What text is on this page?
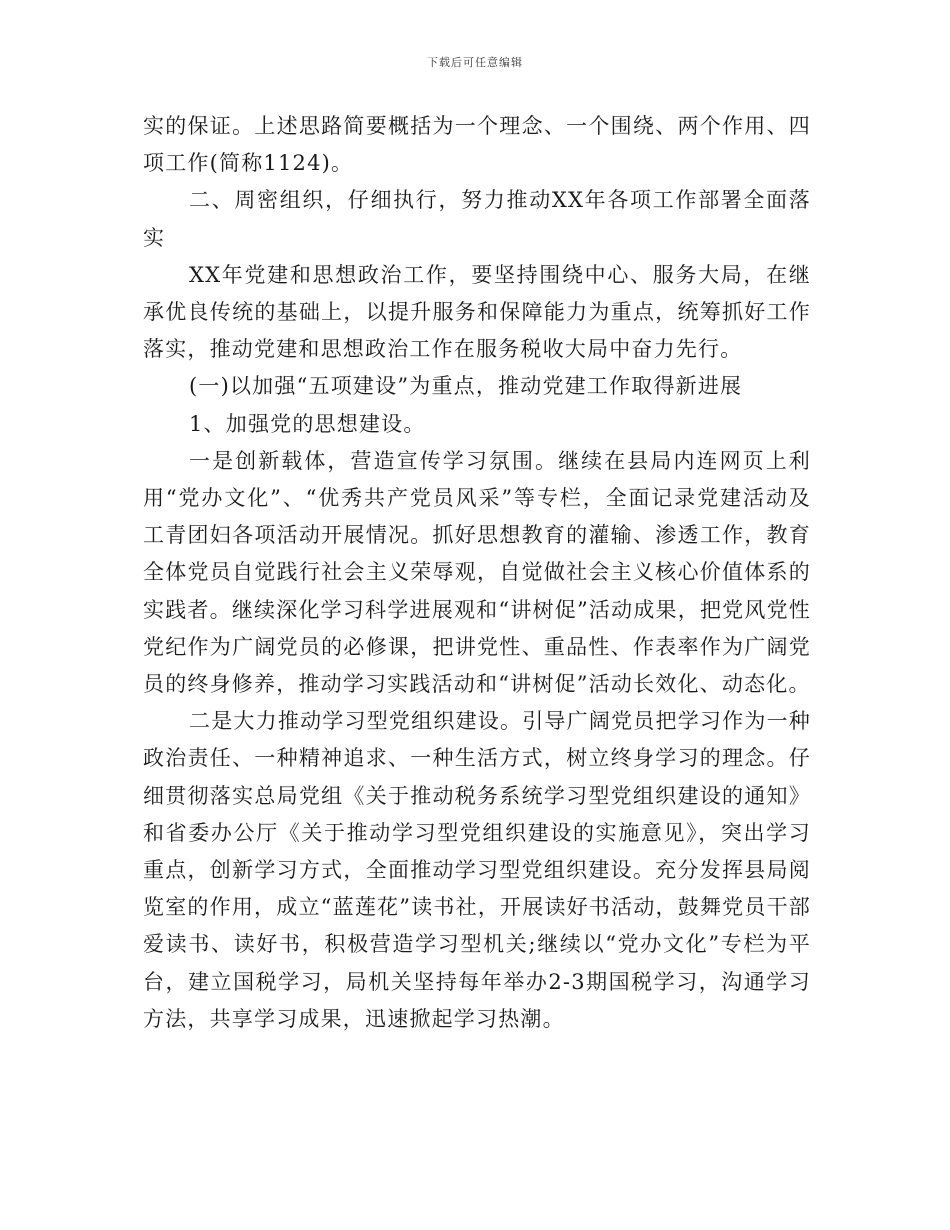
下载后可任意编辑

实的保证。上述思路简要概括为一个理念、一个围绕、两个作用、四项工作(简称1124)。

二、周密组织，仔细执行，努力推动XX年各项工作部署全面落实

XX年党建和思想政治工作，要坚持围绕中心、服务大局，在继承优良传统的基础上，以提升服务和保障能力为重点，统筹抓好工作落实，推动党建和思想政治工作在服务税收大局中奋力先行。

(一)以加强“五项建设”为重点，推动党建工作取得新进展

1、加强党的思想建设。

一是创新载体，营造宣传学习氛围。继续在县局内连网页上利用“党办文化”、“优秀共产党员风采”等专栏，全面记录党建活动及工青团妇各项活动开展情况。抓好思想教育的灌输、渗透工作，教育全体党员自觉践行社会主义荣辱观，自觉做社会主义核心价值体系的实践者。继续深化学习科学进展观和“讲树促”活动成果，把党风党性党纪作为广阔党员的必修课，把讲党性、重品性、作表率作为广阔党员的终身修养，推动学习实践活动和“讲树促”活动长效化、动态化。

二是大力推动学习型党组织建设。引导广阔党员把学习作为一种政治责任、一种精神追求、一种生活方式，树立终身学习的理念。仔细贯彻落实总局党组《关于推动税务系统学习型党组织建设的通知》和省委办公厅《关于推动学习型党组织建设的实施意见》，突出学习重点，创新学习方式，全面推动学习型党组织建设。充分发挥县局阅览室的作用，成立“蓝莲花”读书社，开展读好书活动，鼓舞党员干部爱读书、读好书，积极营造学习型机关;继续以“党办文化”专栏为平台，建立国税学习，局机关坚持每年举办2-3期国税学习，沟通学习方法，共享学习成果，迅速掀起学习热潮。
